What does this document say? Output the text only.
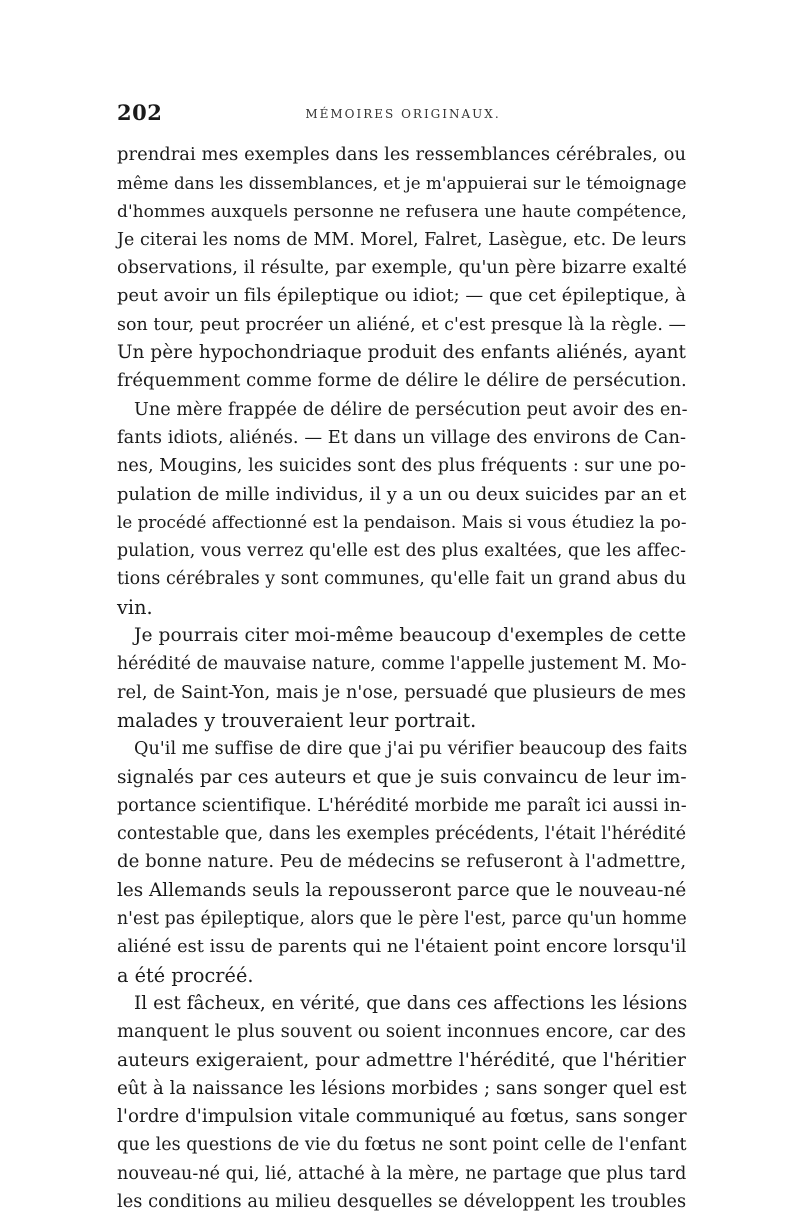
202	MÉMOIRES ORIGINAUX.
prendrai mes exemples dans les ressemblances cérébrales, ou
même dans les dissemblances, et je m'appuierai sur le témoignage
d'hommes auxquels personne ne refusera une haute compétence,
Je citerai les noms de MM. Morel, Falret, Lasègue, etc. De leurs
observations, il résulte, par exemple, qu'un père bizarre exalté
peut avoir un fils épileptique ou idiot; — que cet épileptique, à
son tour, peut procréer un aliéné, et c'est presque là la règle. —
Un père hypochondriaque produit des enfants aliénés, ayant
fréquemment comme forme de délire le délire de persécution.
Une mère frappée de délire de persécution peut avoir des en-
fants idiots, aliénés. — Et dans un village des environs de Can-
nes, Mougins, les suicides sont des plus fréquents : sur une po-
pulation de mille individus, il y a un ou deux suicides par an et
le procédé affectionné est la pendaison. Mais si vous étudiez la po-
pulation, vous verrez qu'elle est des plus exaltées, que les affec-
tions cérébrales y sont communes, qu'elle fait un grand abus du
vin.
Je pourrais citer moi-même beaucoup d'exemples de cette
hérédité de mauvaise nature, comme l'appelle justement M. Mo-
rel, de Saint-Yon, mais je n'ose, persuadé que plusieurs de mes
malades y trouveraient leur portrait.
Qu'il me suffise de dire que j'ai pu vérifier beaucoup des faits
signalés par ces auteurs et que je suis convaincu de leur im-
portance scientifique. L'hérédité morbide me paraît ici aussi in-
contestable que, dans les exemples précédents, l'était l'hérédité
de bonne nature. Peu de médecins se refuseront à l'admettre,
les Allemands seuls la repousseront parce que le nouveau-né
n'est pas épileptique, alors que le père l'est, parce qu'un homme
aliéné est issu de parents qui ne l'étaient point encore lorsqu'il
a été procréé.
Il est fâcheux, en vérité, que dans ces affections les lésions
manquent le plus souvent ou soient inconnues encore, car des
auteurs exigeraient, pour admettre l'hérédité, que l'héritier
eût à la naissance les lésions morbides ; sans songer quel est
l'ordre d'impulsion vitale communiqué au fœtus, sans songer
que les questions de vie du fœtus ne sont point celle de l'enfant
nouveau-né qui, lié, attaché à la mère, ne partage que plus tard
les conditions au milieu desquelles se développent les troubles
